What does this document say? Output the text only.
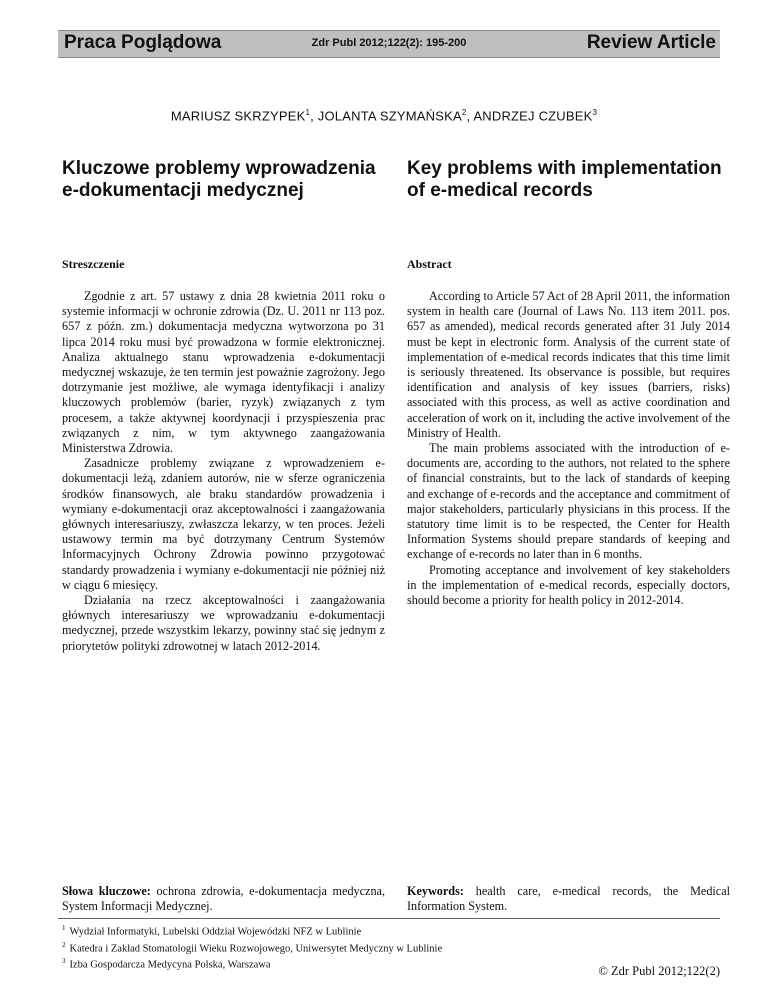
Praca Poglądowa	Zdr Publ 2012;122(2): 195-200	Review Article
MARIUSZ SKRZYPEK$^1$, JOLANTA SZYMAŃSKA$^2$, ANDRZEJ CZUBEK$^3$
Kluczowe problemy wprowadzenia e-dokumentacji medycznej
Key problems with implementation of e-medical records
Streszczenie	Abstract

Zgodnie z art. 57 ustawy z dnia 28 kwietnia 2011 roku o systemie informacji w ochronie zdrowia (Dz. U. 2011 nr 113 poz. 657 z późn. zm.) dokumentacja medyczna wytworzona po 31 lipca 2014 roku musi być prowadzona w formie elektronicznej. Analiza aktualnego stanu wprowadzenia e-dokumentacji medycznej wskazuje, że ten termin jest poważnie zagrożony. Jego dotrzymanie jest możliwe, ale wymaga identyfikacji i analizy kluczowych problemów (barier, ryzyk) związanych z tym procesem, a także aktywnej koordynacji i przyspieszenia prac związanych z nim, w tym aktywnego zaangażowania Ministerstwa Zdrowia.

Zasadnicze problemy związane z wprowadzeniem e-dokumentacji leżą, zdaniem autorów, nie w sferze ograniczenia środków finansowych, ale braku standardów prowadzenia i wymiany e-dokumentacji oraz akceptowalności i zaangażowania głównych interesariuszy, zwłaszcza lekarzy, w ten proces. Jeżeli ustawowy termin ma być dotrzymany Centrum Systemów Informacyjnych Ochrony Zdrowia powinno przygotować standardy prowadzenia i wymiany e-dokumentacji nie później niż w ciągu 6 miesięcy.

Działania na rzecz akceptowalności i zaangażowania głównych interesariuszy we wprowadzaniu e-dokumentacji medycznej, przede wszystkim lekarzy, powinny stać się jednym z priorytetów polityki zdrowotnej w latach 2012-2014.

According to Article 57 Act of 28 April 2011, the information system in health care (Journal of Laws No. 113 item 2011. pos. 657 as amended), medical records generated after 31 July 2014 must be kept in electronic form. Analysis of the current state of implementation of e-medical records indicates that this time limit is seriously threatened. Its observance is possible, but requires identification and analysis of key issues (barriers, risks) associated with this process, as well as active coordination and acceleration of work on it, including the active involvement of the Ministry of Health.

The main problems associated with the introduction of e-documents are, according to the authors, not related to the sphere of financial constraints, but to the lack of standards of keeping and exchange of e-records and the acceptance and commitment of major stakeholders, particularly physicians in this process. If the statutory time limit is to be respected, the Center for Health Information Systems should prepare standards of keeping and exchange of e-records no later than in 6 months.

Promoting acceptance and involvement of key stakeholders in the implementation of e-medical records, especially doctors, should become a priority for health policy in 2012-2014.

Słowa kluczowe: ochrona zdrowia, e-dokumentacja medyczna, System Informacji Medycznej.
Keywords: health care, e-medical records, the Medical Information System.
$^1$ Wydział Informatyki, Lubelski Oddział Wojewódzki NFZ w Lublinie
$^2$ Katedra i Zakład Stomatologii Wieku Rozwojowego, Uniwersytet Medyczny w Lublinie
$^3$ Izba Gospodarcza Medycyna Polska, Warszawa	© Zdr Publ 2012;122(2)
